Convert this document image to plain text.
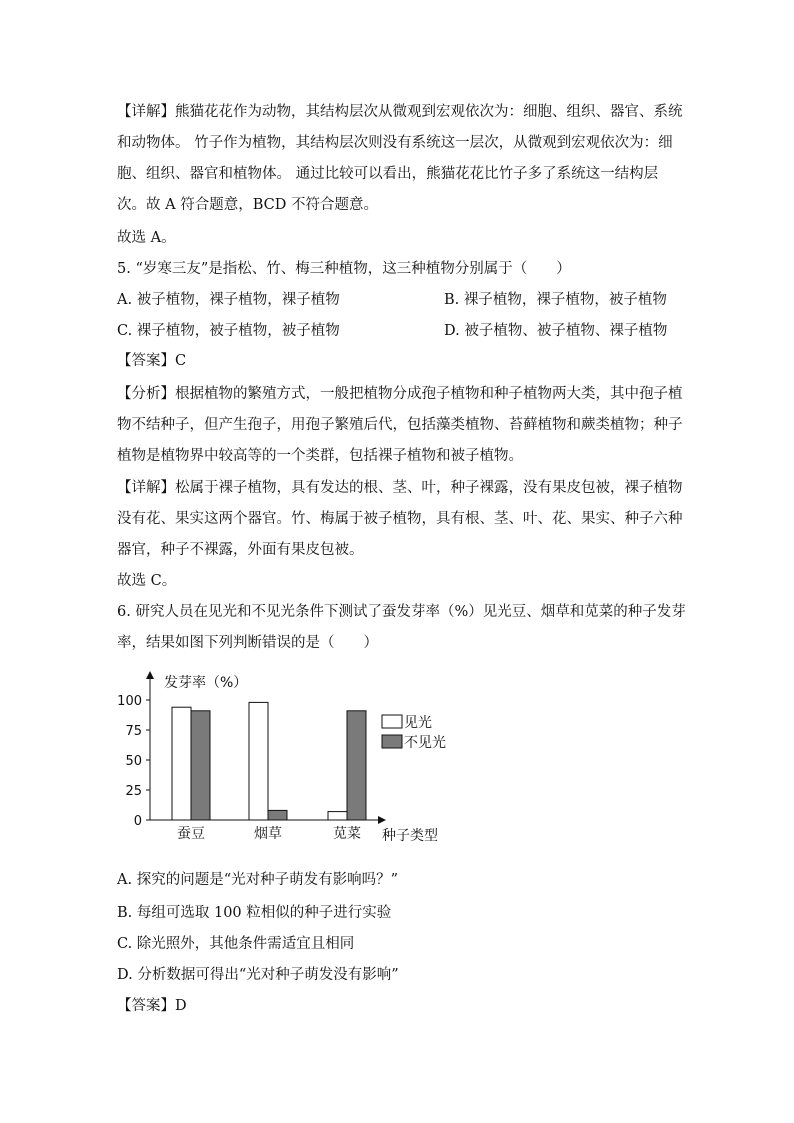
【详解】熊猫花花作为动物，其结构层次从微观到宏观依次为：细胞、组织、器官、系统
和动物体。 竹子作为植物，其结构层次则没有系统这一层次，从微观到宏观依次为：细
胞、组织、器官和植物体。 通过比较可以看出，熊猫花花比竹子多了系统这一结构层
次。故 A 符合题意，BCD 不符合题意。
故选 A。
5. “岁寒三友”是指松、竹、梅三种植物，这三种植物分别属于（　　）
A. 被子植物，裸子植物，裸子植物	B. 裸子植物，裸子植物，被子植物
C. 裸子植物，被子植物，被子植物	D. 被子植物、被子植物、裸子植物
【答案】C
【分析】根据植物的繁殖方式，一般把植物分成孢子植物和种子植物两大类，其中孢子植
物不结种子，但产生孢子，用孢子繁殖后代，包括藻类植物、苔藓植物和蕨类植物；种子
植物是植物界中较高等的一个类群，包括裸子植物和被子植物。
【详解】松属于裸子植物，具有发达的根、茎、叶，种子裸露，没有果皮包被，裸子植物
没有花、果实这两个器官。竹、梅属于被子植物，具有根、茎、叶、花、果实、种子六种
器官，种子不裸露，外面有果皮包被。
故选 C。
6. 研究人员在见光和不见光条件下测试了蚕发芽率（%）见光豆、烟草和苋菜的种子发芽
率，结果如图下列判断错误的是（　　）
0
25
50
75
100
蚕豆	烟草	苋菜
发芽率（%）
种子类型
见光
不见光
A. 探究的问题是“光对种子萌发有影响吗？”
B. 每组可选取 100 粒相似的种子进行实验
C. 除光照外，其他条件需适宜且相同
D. 分析数据可得出“光对种子萌发没有影响”
【答案】D
